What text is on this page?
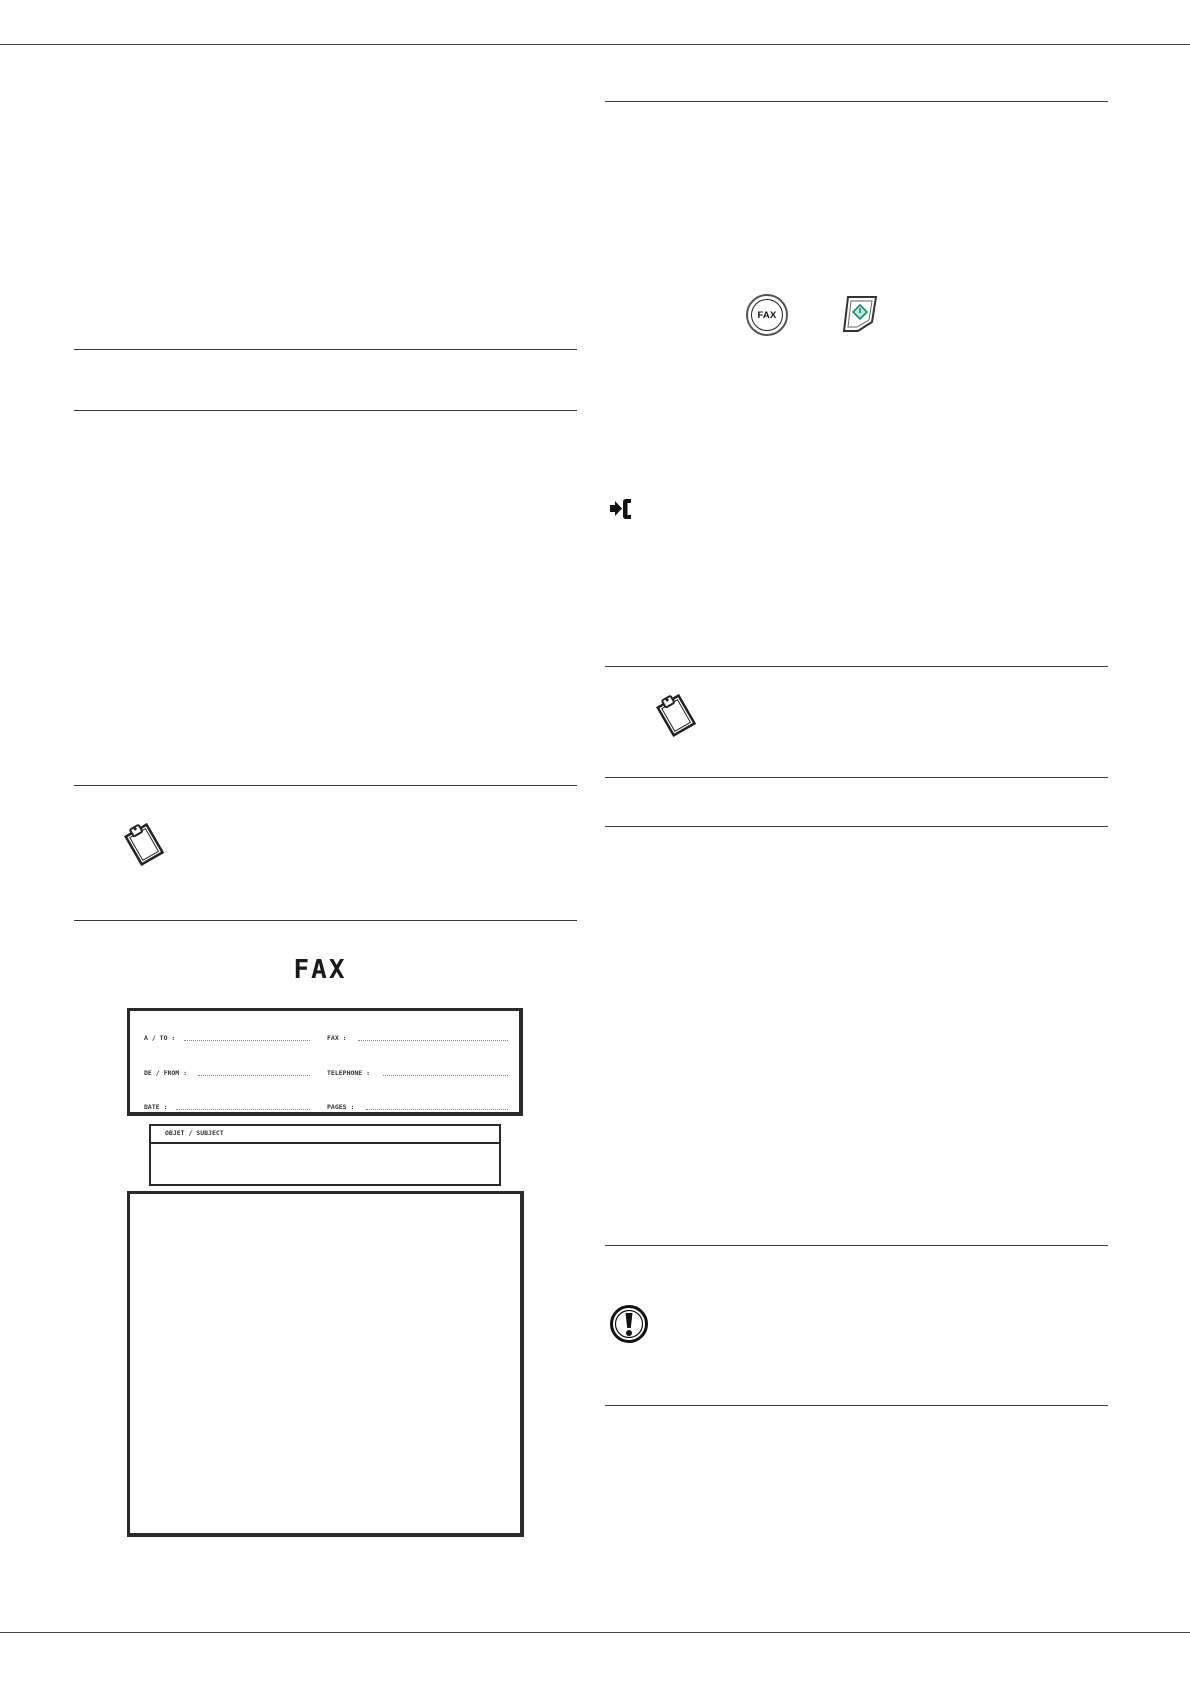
FAX
A / TO :	FAX :
DE / FROM :	TELEPHONE :
DATE :	PAGES :
OBJET / SUBJECT
FAX
